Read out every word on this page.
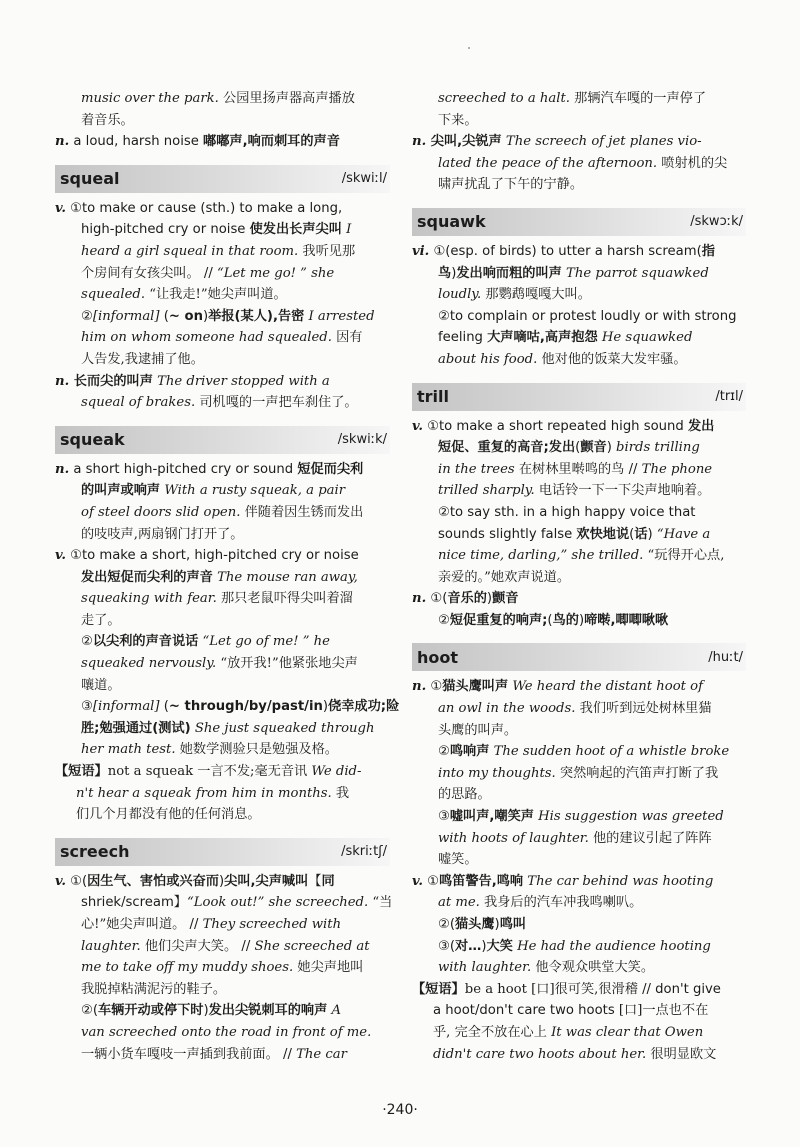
music over the park. 公园里扬声器高声播放
着音乐。
n. a loud, harsh noise 嘟嘟声,响而刺耳的声音
squeal	/skwiːl/
v. ①to make or cause (sth.) to make a long,
high-pitched cry or noise 使发出长声尖叫 I
heard a girl squeal in that room. 我听见那
个房间有女孩尖叫。 // “Let me go! ” she
squealed. “让我走!”她尖声叫道。
②[informal] (~ on)举报(某人),告密 I arrested
him on whom someone had squealed. 因有
人告发,我逮捕了他。
n. 长而尖的叫声 The driver stopped with a
squeal of brakes. 司机嘎的一声把车刹住了。
squeak	/skwiːk/
n. a short high-pitched cry or sound 短促而尖利
的叫声或响声 With a rusty squeak, a pair
of steel doors slid open. 伴随着因生锈而发出
的吱吱声,两扇钢门打开了。
v. ①to make a short, high-pitched cry or noise
发出短促而尖利的声音 The mouse ran away,
squeaking with fear. 那只老鼠吓得尖叫着溜
走了。
②以尖利的声音说话 “Let go of me! ” he
squeaked nervously. “放开我!”他紧张地尖声
嚷道。
③[informal] (~ through/by/past/in)侥幸成功;险
胜;勉强通过(测试) She just squeaked through
her math test. 她数学测验只是勉强及格。
【短语】not a squeak 一言不发;毫无音讯 We did-
n't hear a squeak from him in months. 我
们几个月都没有他的任何消息。
screech	/skriːtʃ/
v. ①(因生气、害怕或兴奋而)尖叫,尖声喊叫【同
shriek/scream】“Look out!” she screeched. “当
心!”她尖声叫道。 // They screeched with
laughter. 他们尖声大笑。 // She screeched at
me to take off my muddy shoes. 她尖声地叫
我脱掉粘满泥污的鞋子。
②(车辆开动或停下时)发出尖锐刺耳的响声 A
van screeched onto the road in front of me.
一辆小货车嘎吱一声插到我前面。 // The car
screeched to a halt. 那辆汽车嘎的一声停了
下来。
n. 尖叫,尖锐声 The screech of jet planes vio-
lated the peace of the afternoon. 喷射机的尖
啸声扰乱了下午的宁静。
squawk	/skwɔːk/
vi. ①(esp. of birds) to utter a harsh scream(指
鸟)发出响而粗的叫声 The parrot squawked
loudly. 那鹦鹉嘎嘎大叫。
②to complain or protest loudly or with strong
feeling 大声嘀咕,高声抱怨 He squawked
about his food. 他对他的饭菜大发牢骚。
trill	/trɪl/
v. ①to make a short repeated high sound 发出
短促、重复的高音;发出(颤音) birds trilling
in the trees 在树林里啭鸣的鸟 // The phone
trilled sharply. 电话铃一下一下尖声地响着。
②to say sth. in a high happy voice that
sounds slightly false 欢快地说(话) “Have a
nice time, darling,” she trilled. “玩得开心点,
亲爱的。”她欢声说道。
n. ①(音乐的)颤音
②短促重复的响声;(鸟的)啼啭,唧唧啾啾
hoot	/huːt/
n. ①猫头鹰叫声 We heard the distant hoot of
an owl in the woods. 我们听到远处树林里猫
头鹰的叫声。
②鸣响声 The sudden hoot of a whistle broke
into my thoughts. 突然响起的汽笛声打断了我
的思路。
③嘘叫声,嘲笑声 His suggestion was greeted
with hoots of laughter. 他的建议引起了阵阵
嘘笑。
v. ①鸣笛警告,鸣响 The car behind was hooting
at me. 我身后的汽车冲我鸣喇叭。
②(猫头鹰)鸣叫
③(对…)大笑 He had the audience hooting
with laughter. 他令观众哄堂大笑。
【短语】be a hoot [口]很可笑,很滑稽 // don't give
a hoot/don't care two hoots [口]一点也不在
乎, 完全不放在心上 It was clear that Owen
didn't care two hoots about her. 很明显欧文
·240·
